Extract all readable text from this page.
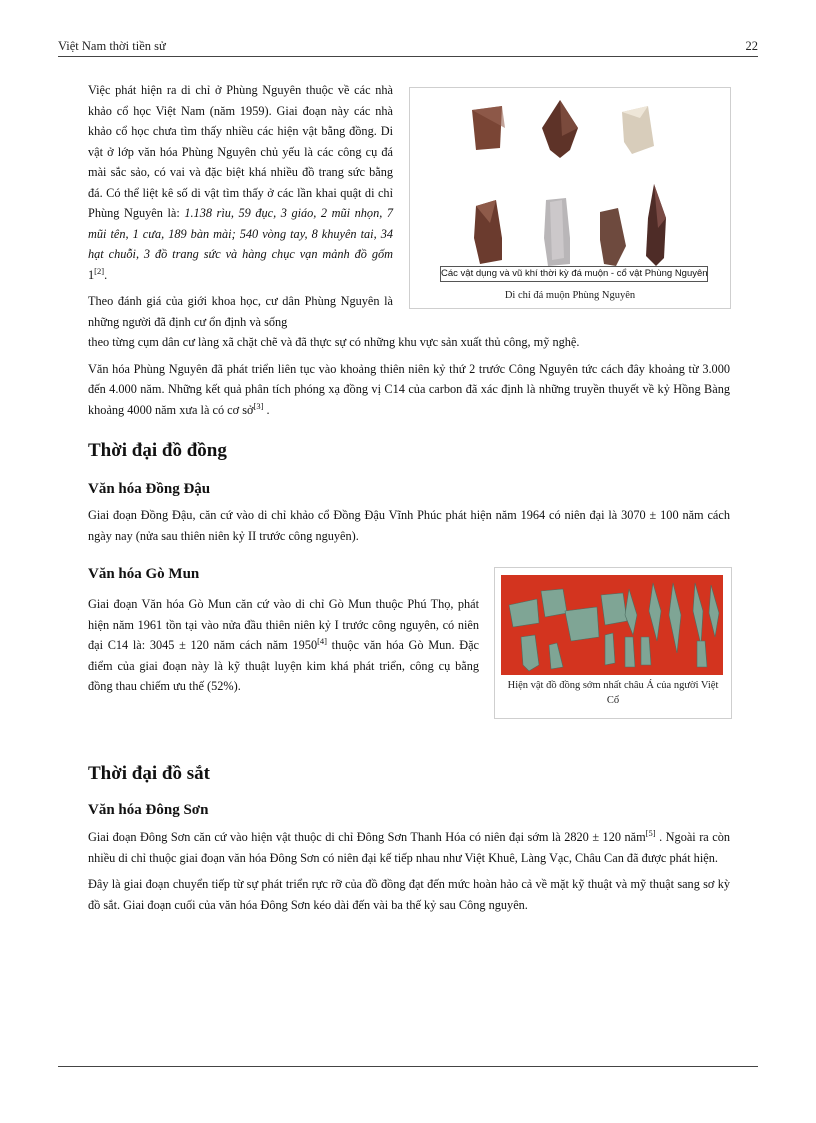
Việt Nam thời tiền sử	22

Việc phát hiện ra di chỉ ở Phùng Nguyên thuộc về các nhà khảo cổ học Việt Nam (năm 1959). Giai đoạn này các nhà khảo cổ học chưa tìm thấy nhiều các hiện vật bằng đồng. Di vật ở lớp văn hóa Phùng Nguyên chủ yếu là các công cụ đá mài sắc sảo, có vai và đặc biệt khá nhiều đồ trang sức bằng đá. Có thể liệt kê số di vật tìm thấy ở các lần khai quật di chỉ Phùng Nguyên là: 1.138 rìu, 59 đục, 3 giáo, 2 mũi nhọn, 7 mũi tên, 1 cưa, 189 bàn mài; 540 vòng tay, 8 khuyên tai, 34 hạt chuỗi, 3 đồ trang sức và hàng chục vạn mảnh đồ gốm 1[2].

Theo đánh giá của giới khoa học, cư dân Phùng Nguyên là những người đã định cư ổn định và sống

theo từng cụm dân cư làng xã chặt chẽ và đã thực sự có những khu vực sản xuất thủ công, mỹ nghệ.

Văn hóa Phùng Nguyên đã phát triển liên tục vào khoảng thiên niên kỷ thứ 2 trước Công Nguyên tức cách đây khoảng từ 3.000 đến 4.000 năm. Những kết quả phân tích phóng xạ đồng vị C14 của carbon đã xác định là những truyền thuyết về kỷ Hồng Bàng khoảng 4000 năm xưa là có cơ sở[3] .

Các vật dụng và vũ khí thời kỳ đá muộn - cổ vật Phùng Nguyên
Di chỉ đá muộn Phùng Nguyên
Thời đại đồ đồng
Văn hóa Đồng Đậu

Giai đoạn Đồng Đậu, căn cứ vào di chỉ khảo cổ Đồng Đậu Vĩnh Phúc phát hiện năm 1964 có niên đại là 3070 ± 100 năm cách ngày nay (nửa sau thiên niên kỷ II trước công nguyên).

Văn hóa Gò Mun

Giai đoạn Văn hóa Gò Mun căn cứ vào di chỉ Gò Mun thuộc Phú Thọ, phát hiện năm 1961 tồn tại vào nửa đầu thiên niên kỷ I trước công nguyên, có niên đại C14 là: 3045 ± 120 năm cách năm 1950[4] thuộc văn hóa Gò Mun. Đặc điểm của giai đoạn này là kỹ thuật luyện kim khá phát triển, công cụ bằng đồng thau chiếm ưu thế (52%).	Hiện vật đồ đồng sớm nhất châu Á của người Việt Cổ
Thời đại đồ sắt
Văn hóa Đông Sơn

Giai đoạn Đông Sơn căn cứ vào hiện vật thuộc di chỉ Đông Sơn Thanh Hóa có niên đại sớm là 2820 ± 120 năm[5] . Ngoài ra còn nhiều di chỉ thuộc giai đoạn văn hóa Đông Sơn có niên đại kế tiếp nhau như Việt Khuê, Làng Vạc, Châu Can đã được phát hiện.

Đây là giai đoạn chuyển tiếp từ sự phát triển rực rỡ của đồ đồng đạt đến mức hoàn hảo cả về mặt kỹ thuật và mỹ thuật sang sơ kỳ đồ sắt. Giai đoạn cuối của văn hóa Đông Sơn kéo dài đến vài ba thế kỷ sau Công nguyên.
